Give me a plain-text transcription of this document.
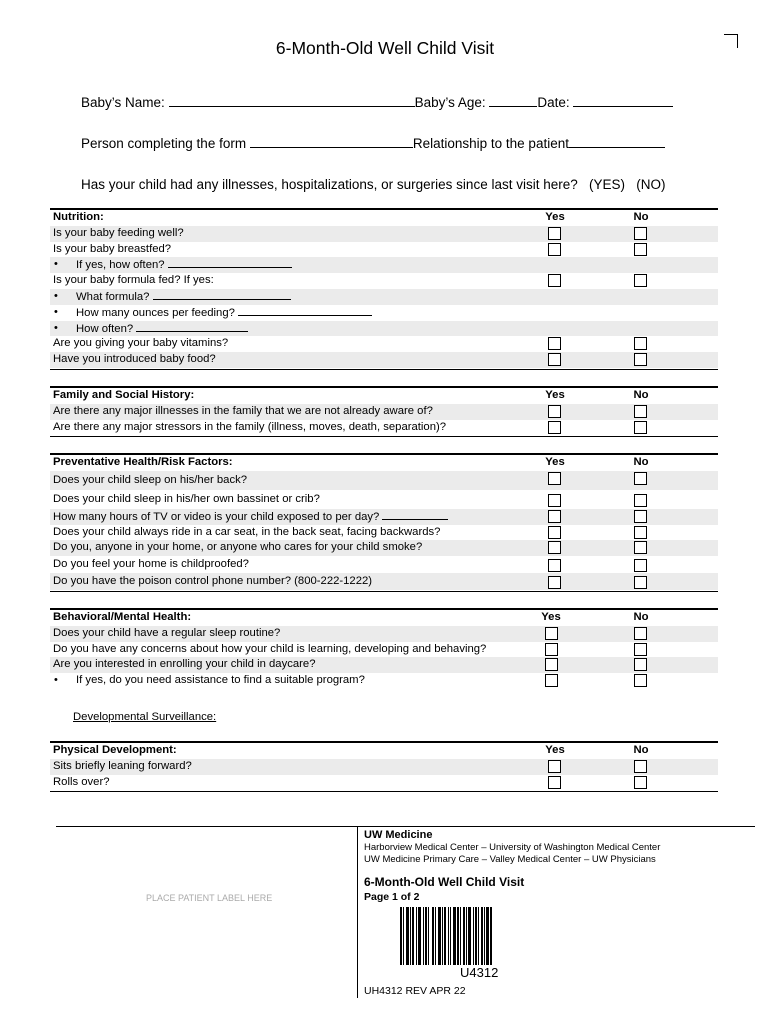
6-Month-Old Well Child Visit
Baby’s Name:	Baby’s Age:	Date:
Person completing the form	Relationship to the patient
Has your child had any illnesses, hospitalizations, or surgeries since last visit here? (YES) (NO)
Nutrition:	Yes	No
Is your baby feeding well?
Is your baby breastfed?
• If yes, how often?
Is your baby formula fed? If yes:
• What formula?
• How many ounces per feeding?
• How often?
Are you giving your baby vitamins?
Have you introduced baby food?
Family and Social History:	Yes	No
Are there any major illnesses in the family that we are not already aware of?
Are there any major stressors in the family (illness, moves, death, separation)?
Preventative Health/Risk Factors:	Yes	No
Does your child sleep on his/her back?
Does your child sleep in his/her own bassinet or crib?
How many hours of TV or video is your child exposed to per day?
Does your child always ride in a car seat, in the back seat, facing backwards?
Do you, anyone in your home, or anyone who cares for your child smoke?
Do you feel your home is childproofed?
Do you have the poison control phone number? (800-222-1222)
Behavioral/Mental Health:	Yes	No
Does your child have a regular sleep routine?
Do you have any concerns about how your child is learning, developing and behaving?
Are you interested in enrolling your child in daycare?
• If yes, do you need assistance to find a suitable program?
Developmental Surveillance:
Physical Development:	Yes	No
Sits briefly leaning forward?
Rolls over?
PLACE PATIENT LABEL HERE
UW Medicine
Harborview Medical Center – University of Washington Medical Center
UW Medicine Primary Care – Valley Medical Center – UW Physicians
6-Month-Old Well Child Visit
Page 1 of 2
U4312
UH4312 REV APR 22
